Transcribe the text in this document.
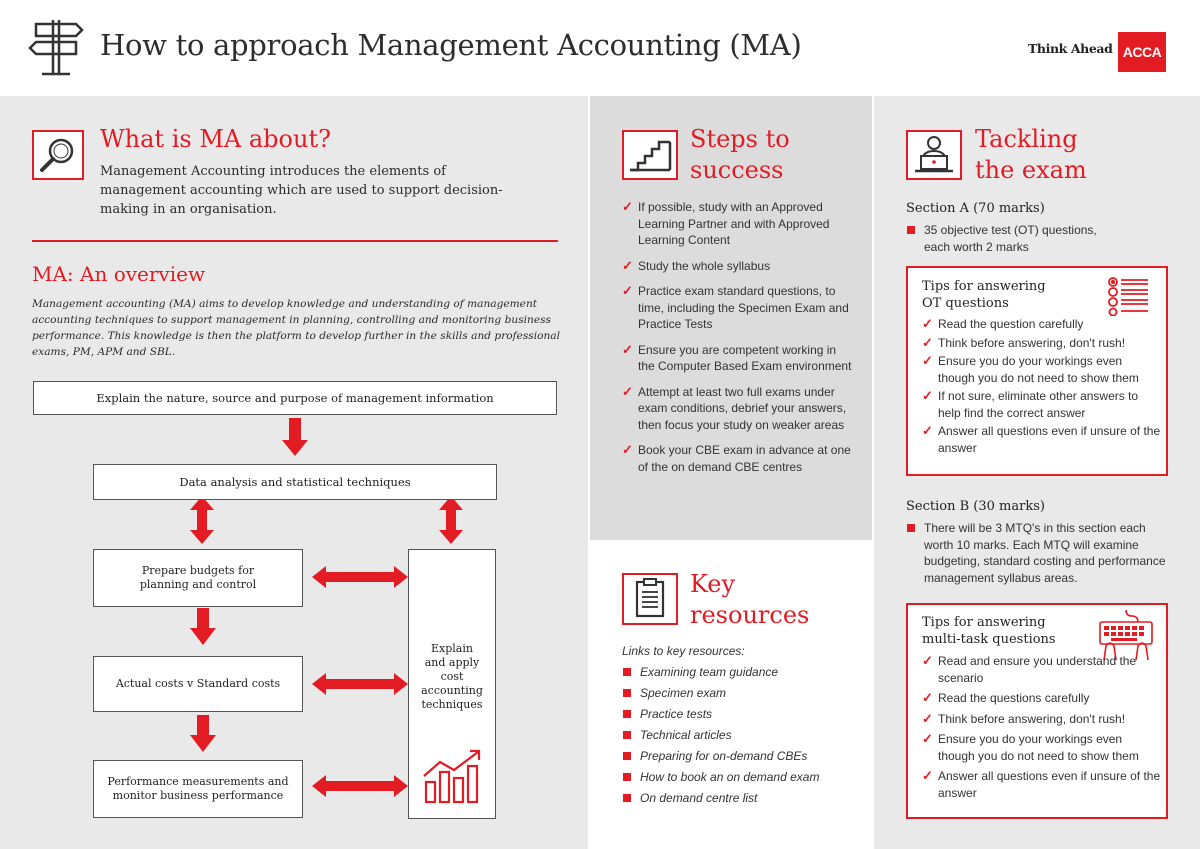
How to approach Management Accounting (MA)	Think Ahead ACCA
What is MA about?
Management Accounting introduces the elements of management accounting which are used to support decision-making in an organisation.
MA: An overview
Management accounting (MA) aims to develop knowledge and understanding of management accounting techniques to support management in planning, controlling and monitoring business performance. This knowledge is then the platform to develop further in the skills and professional exams, PM, APM and SBL.
Explain the nature, source and purpose of management information
Data analysis and statistical techniques
Prepare budgets for planning and control
Actual costs v Standard costs
Performance measurements and monitor business performance
Explain and apply cost accounting techniques
Steps to
success
✓ If possible, study with an Approved Learning Partner and with Approved Learning Content
✓ Study the whole syllabus
✓ Practice exam standard questions, to time, including the Specimen Exam and Practice Tests
✓ Ensure you are competent working in the Computer Based Exam environment
✓ Attempt at least two full exams under exam conditions, debrief your answers, then focus your study on weaker areas
✓ Book your CBE exam in advance at one of the on demand CBE centres
Key
resources
Links to key resources:
Examining team guidance
Specimen exam
Practice tests
Technical articles
Preparing for on-demand CBEs
How to book an on demand exam
On demand centre list
Tackling
the exam
Section A (70 marks)
35 objective test (OT) questions, each worth 2 marks
Tips for answering
OT questions
✓ Read the question carefully
✓ Think before answering, don't rush!
✓ Ensure you do your workings even though you do not need to show them
✓ If not sure, eliminate other answers to help find the correct answer
✓ Answer all questions even if unsure of the answer
Section B (30 marks)
There will be 3 MTQ's in this section each worth 10 marks. Each MTQ will examine budgeting, standard costing and performance management syllabus areas.
Tips for answering
multi-task questions
✓ Read and ensure you understand the scenario
✓ Read the questions carefully
✓ Think before answering, don't rush!
✓ Ensure you do your workings even though you do not need to show them
✓ Answer all questions even if unsure of the answer
